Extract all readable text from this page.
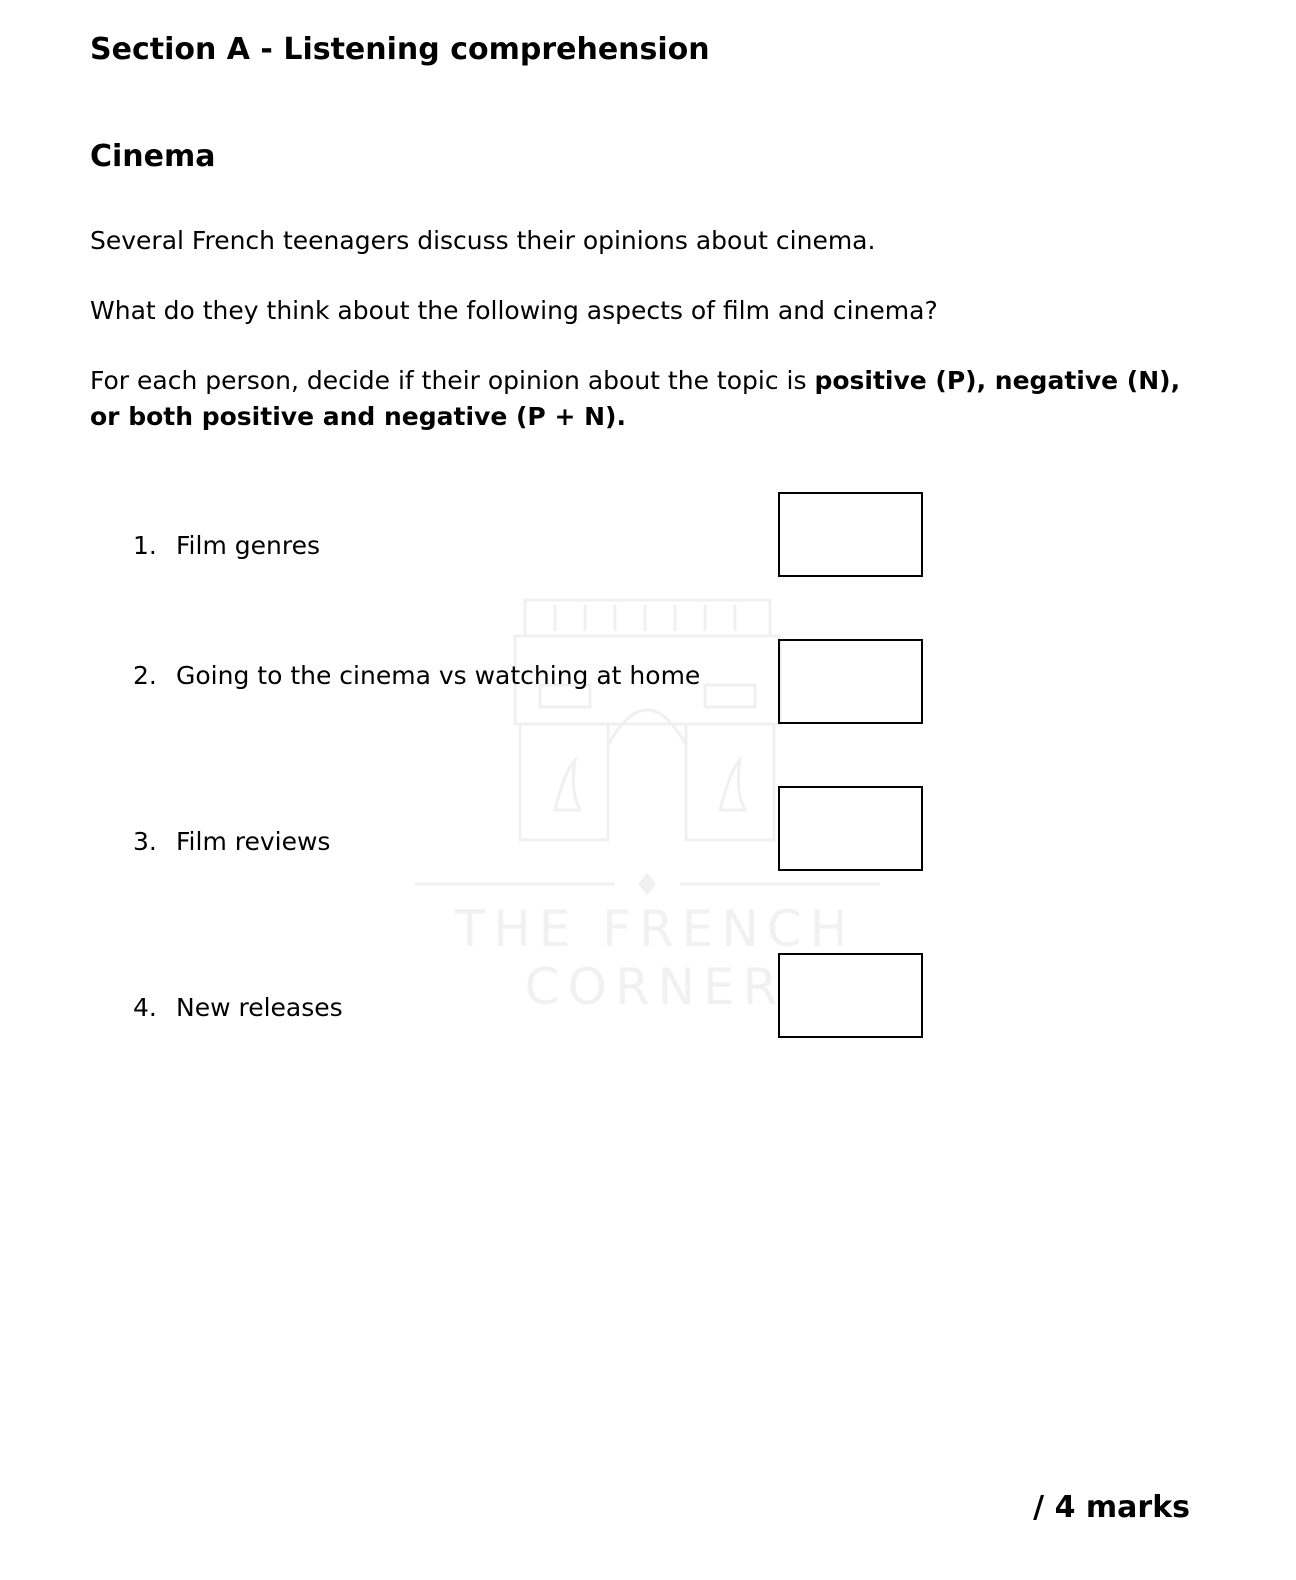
THE FRENCH CORNER
Section A - Listening comprehension
Cinema

Several French teenagers discuss their opinions about cinema.

What do they think about the following aspects of film and cinema?

For each person, decide if their opinion about the topic is positive (P), negative (N), or both positive and negative (P + N).

1. Film genres
2. Going to the cinema vs watching at home
3. Film reviews
4. New releases

/ 4 marks
